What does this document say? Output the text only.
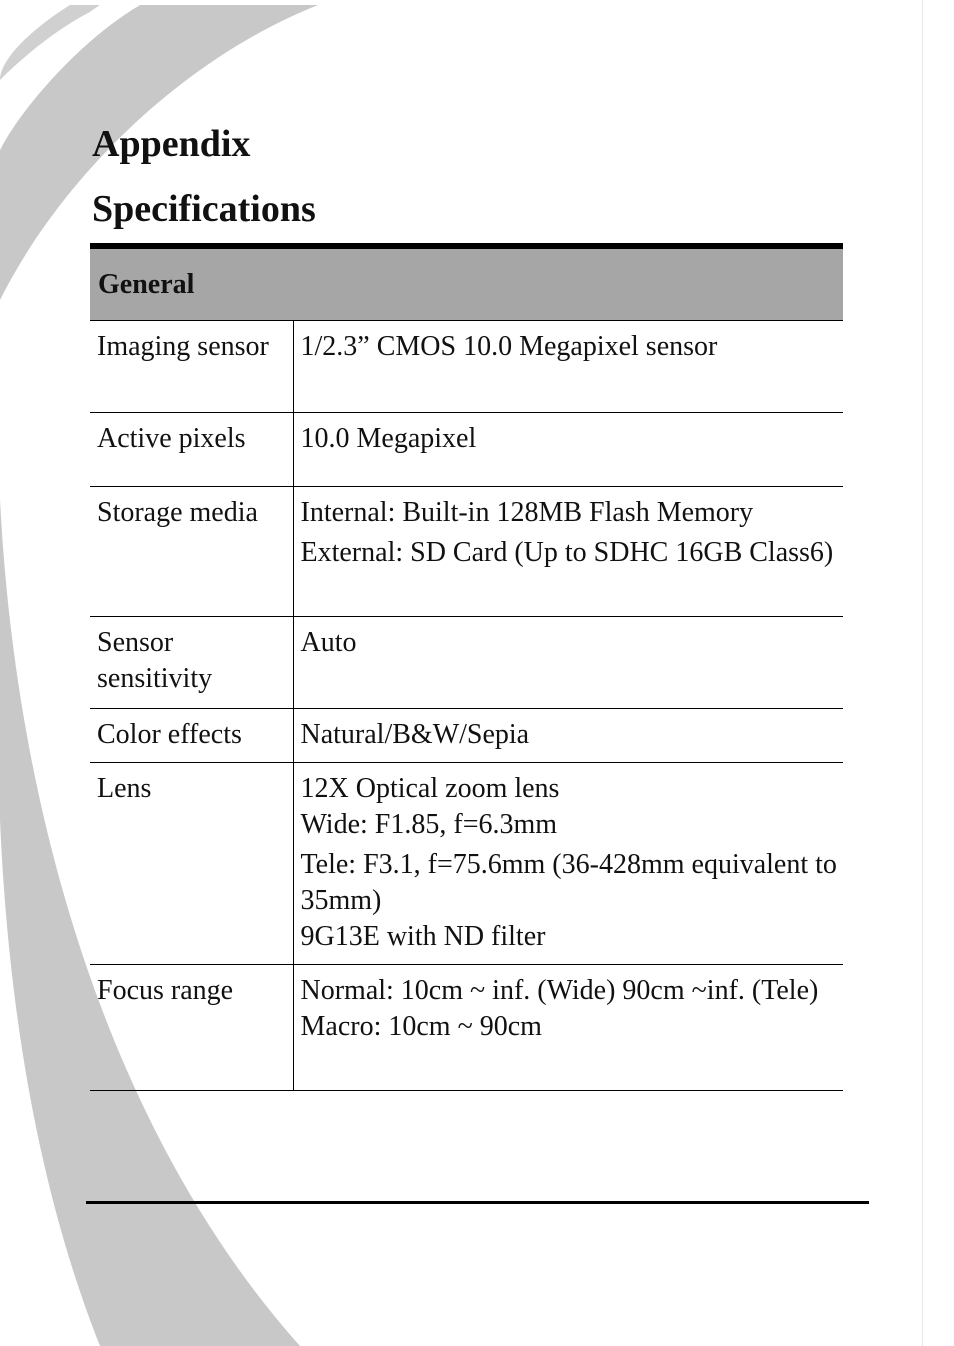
Appendix
Specifications
General	
Imaging sensor	1/2.3” CMOS 10.0 Megapixel sensor

Active pixels	10.0 Megapixel

Storage media	Internal: Built-in 128MB Flash Memory
External: SD Card (Up to SDHC 16GB Class6)

Sensor sensitivity	Auto

Color effects	Natural/B&W/Sepia

Lens	12X Optical zoom lens
Wide: F1.85, f=6.3mm
Tele: F3.1, f=75.6mm (36-428mm equivalent to 35mm)
9G13E with ND filter

Focus range	Normal: 10cm ~ inf. (Wide) 90cm ~inf. (Tele)
Macro: 10cm ~ 90cm
